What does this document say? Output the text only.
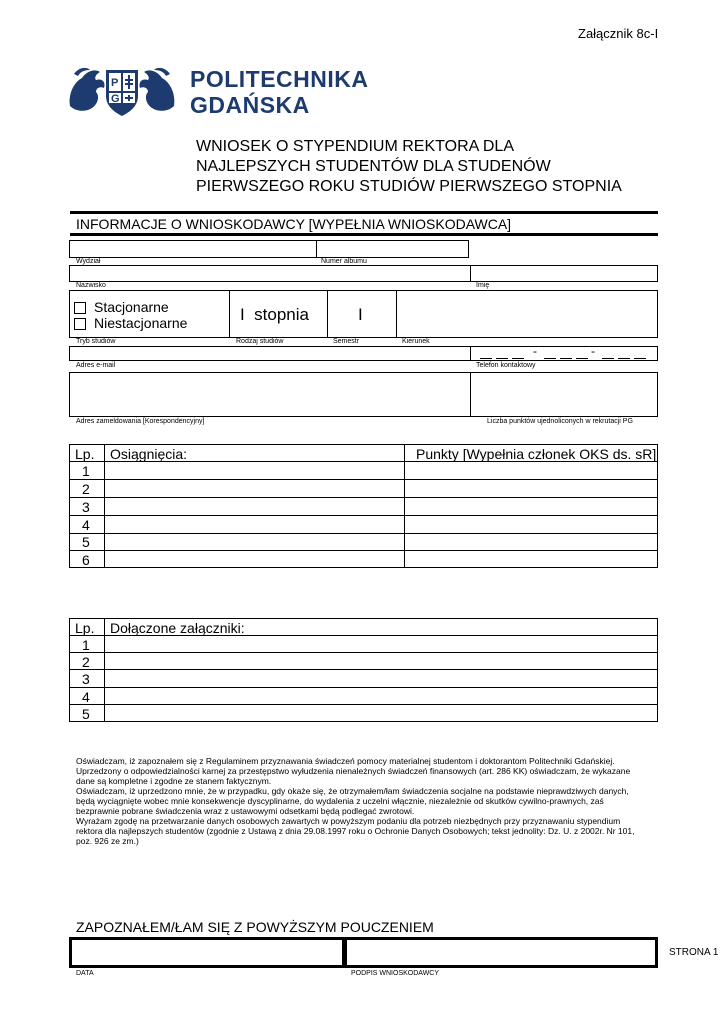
Załącznik 8c-I
P
G
POLITECHNIKA
GDAŃSKA
WNIOSEK O STYPENDIUM REKTORA DLA
NAJLEPSZYCH STUDENTÓW DLA STUDENÓW
PIERWSZEGO ROKU STUDIÓW PIERWSZEGO STOPNIA
INFORMACJE O WNIOSKODAWCY [WYPEŁNIA WNIOSKODAWCA]
Wydział	Numer albumu
Nazwisko	Imię
Stacjonarne
Niestacjonarne	I  stopnia	I
Tryb studiów	Rodzaj studiów	Semestr	Kierunek
-	-
Adres e-mail	Telefon kontaktowy
Adres zameldowania [Korespondencyjny]	Liczba punktów ujednoliconych w rekrutacji PG
Lp. Osiągnięcia:	Punkty [Wypełnia członek OKS ds. sR]
1
2
3
4
5
6
Lp. Dołączone załączniki:
1
2
3
4
5
Oświadczam, iż zapoznałem się z Regulaminem przyznawania świadczeń pomocy materialnej studentom i doktorantom Politechniki Gdańskiej.
Uprzedzony o odpowiedzialności karnej za przestępstwo wyłudzenia nienależnych świadczeń finansowych (art. 286 KK) oświadczam, że wykazane dane są kompletne i zgodne ze stanem faktycznym.
Oświadczam, iż uprzedzono mnie, że w przypadku, gdy okaże się, że otrzymałem/łam świadczenia socjalne na podstawie nieprawdziwych danych, będą wyciągnięte wobec mnie konsekwencje dyscyplinarne, do wydalenia z uczelni włącznie, niezależnie od skutków cywilno-prawnych, zaś bezprawnie pobrane świadczenia wraz z ustawowymi odsetkami będą podlegać zwrotowi.
Wyrażam zgodę na przetwarzanie danych osobowych zawartych w powyższym podaniu dla potrzeb niezbędnych przy przyznawaniu stypendium rektora dla najlepszych studentów (zgodnie z Ustawą z dnia 29.08.1997 roku o Ochronie Danych Osobowych; tekst jednolity: Dz. U. z 2002r. Nr 101, poz. 926 ze zm.)
ZAPOZNAŁEM/ŁAM SIĘ Z POWYŻSZYM POUCZENIEM
DATA	PODPIS WNIOSKODAWCY
STRONA 1
